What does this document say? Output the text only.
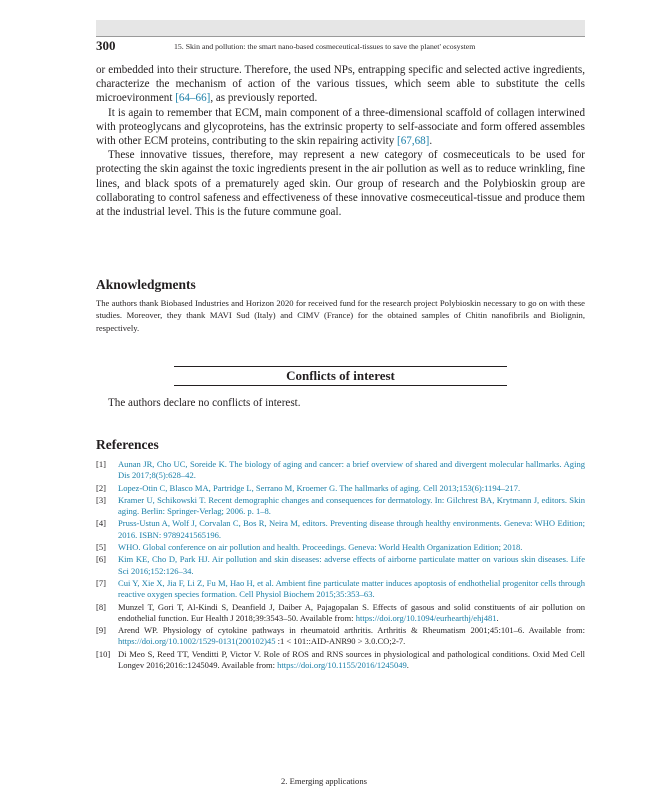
300	15. Skin and pollution: the smart nano-based cosmeceutical-tissues to save the planet' ecosystem

or embedded into their structure. Therefore, the used NPs, entrapping specific and selected active ingredients, characterize the mechanism of action of the various tissues, which seem able to substitute the cells microevironment [64–66], as previously reported.

It is again to remember that ECM, main component of a three-dimensional scaffold of collagen interwined with proteoglycans and glycoproteins, has the extrinsic property to self-associate and form offered assembles with other ECM proteins, contributing to the skin repairing activity [67,68].

These innovative tissues, therefore, may represent a new category of cosmeceuticals to be used for protecting the skin against the toxic ingredients present in the air pollution as well as to reduce wrinkling, fine lines, and black spots of a prematurely aged skin. Our group of research and the Polybioskin group are collaborating to control safeness and effectiveness of these innovative cosmeceutical-tissue and produce them at the industrial level. This is the future commune goal.

Aknowledgments
The authors thank Biobased Industries and Horizon 2020 for received fund for the research project Polybioskin necessary to go on with these studies. Moreover, they thank MAVI Sud (Italy) and CIMV (France) for the obtained samples of Chitin nanofibrils and Biolignin, respectively.
Conflicts of interest
The authors declare no conflicts of interest.
References
[1] Aunan JR, Cho UC, Soreide K. The biology of aging and cancer: a brief overview of shared and divergent molecular hallmarks. Aging Dis 2017;8(5):628–42.
[2] Lopez-Otin C, Blasco MA, Partridge L, Serrano M, Kroemer G. The hallmarks of aging. Cell 2013;153(6):1194–217.
[3] Kramer U, Schikowski T. Recent demographic changes and consequences for dermatology. In: Gilchrest BA, Krytmann J, editors. Skin aging. Berlin: Springer-Verlag; 2006. p. 1–8.
[4] Pruss-Ustun A, Wolf J, Corvalan C, Bos R, Neira M, editors. Preventing disease through healthy environments. Geneva: WHO Edition; 2016. ISBN: 9789241565196.
[5] WHO. Global conference on air pollution and health. Proceedings. Geneva: World Health Organization Edition; 2018.
[6] Kim KE, Cho D, Park HJ. Air pollution and skin diseases: adverse effects of airborne particulate matter on various skin diseases. Life Sci 2016;152:126–34.
[7] Cui Y, Xie X, Jia F, Li Z, Fu M, Hao H, et al. Ambient fine particulate matter induces apoptosis of endhothelial progenitor cells through reactive oxygen species formation. Cell Physiol Biochem 2015;35:353–63.
[8] Munzel T, Gori T, Al-Kindi S, Deanfield J, Daiber A, Pajagopalan S. Effects of gasous and solid constituents of air pollution on endothelial function. Eur Health J 2018;39:3543–50. Available from: https://doi.org/10.1094/eurhearthj/ehj481.
[9] Arend WP. Physiology of cytokine pathways in rheumatoid arthritis. Arthritis & Rheumatism 2001;45:101–6. Available from: https://doi.org/10.1002/1529-0131(200102)45 :1 < 101::AID-ANR90 > 3.0.CO;2-7.
[10] Di Meo S, Reed TT, Venditti P, Victor V. Role of ROS and RNS sources in physiological and pathological conditions. Oxid Med Cell Longev 2016;2016::1245049. Available from: https://doi.org/10.1155/2016/1245049.
2. Emerging applications
